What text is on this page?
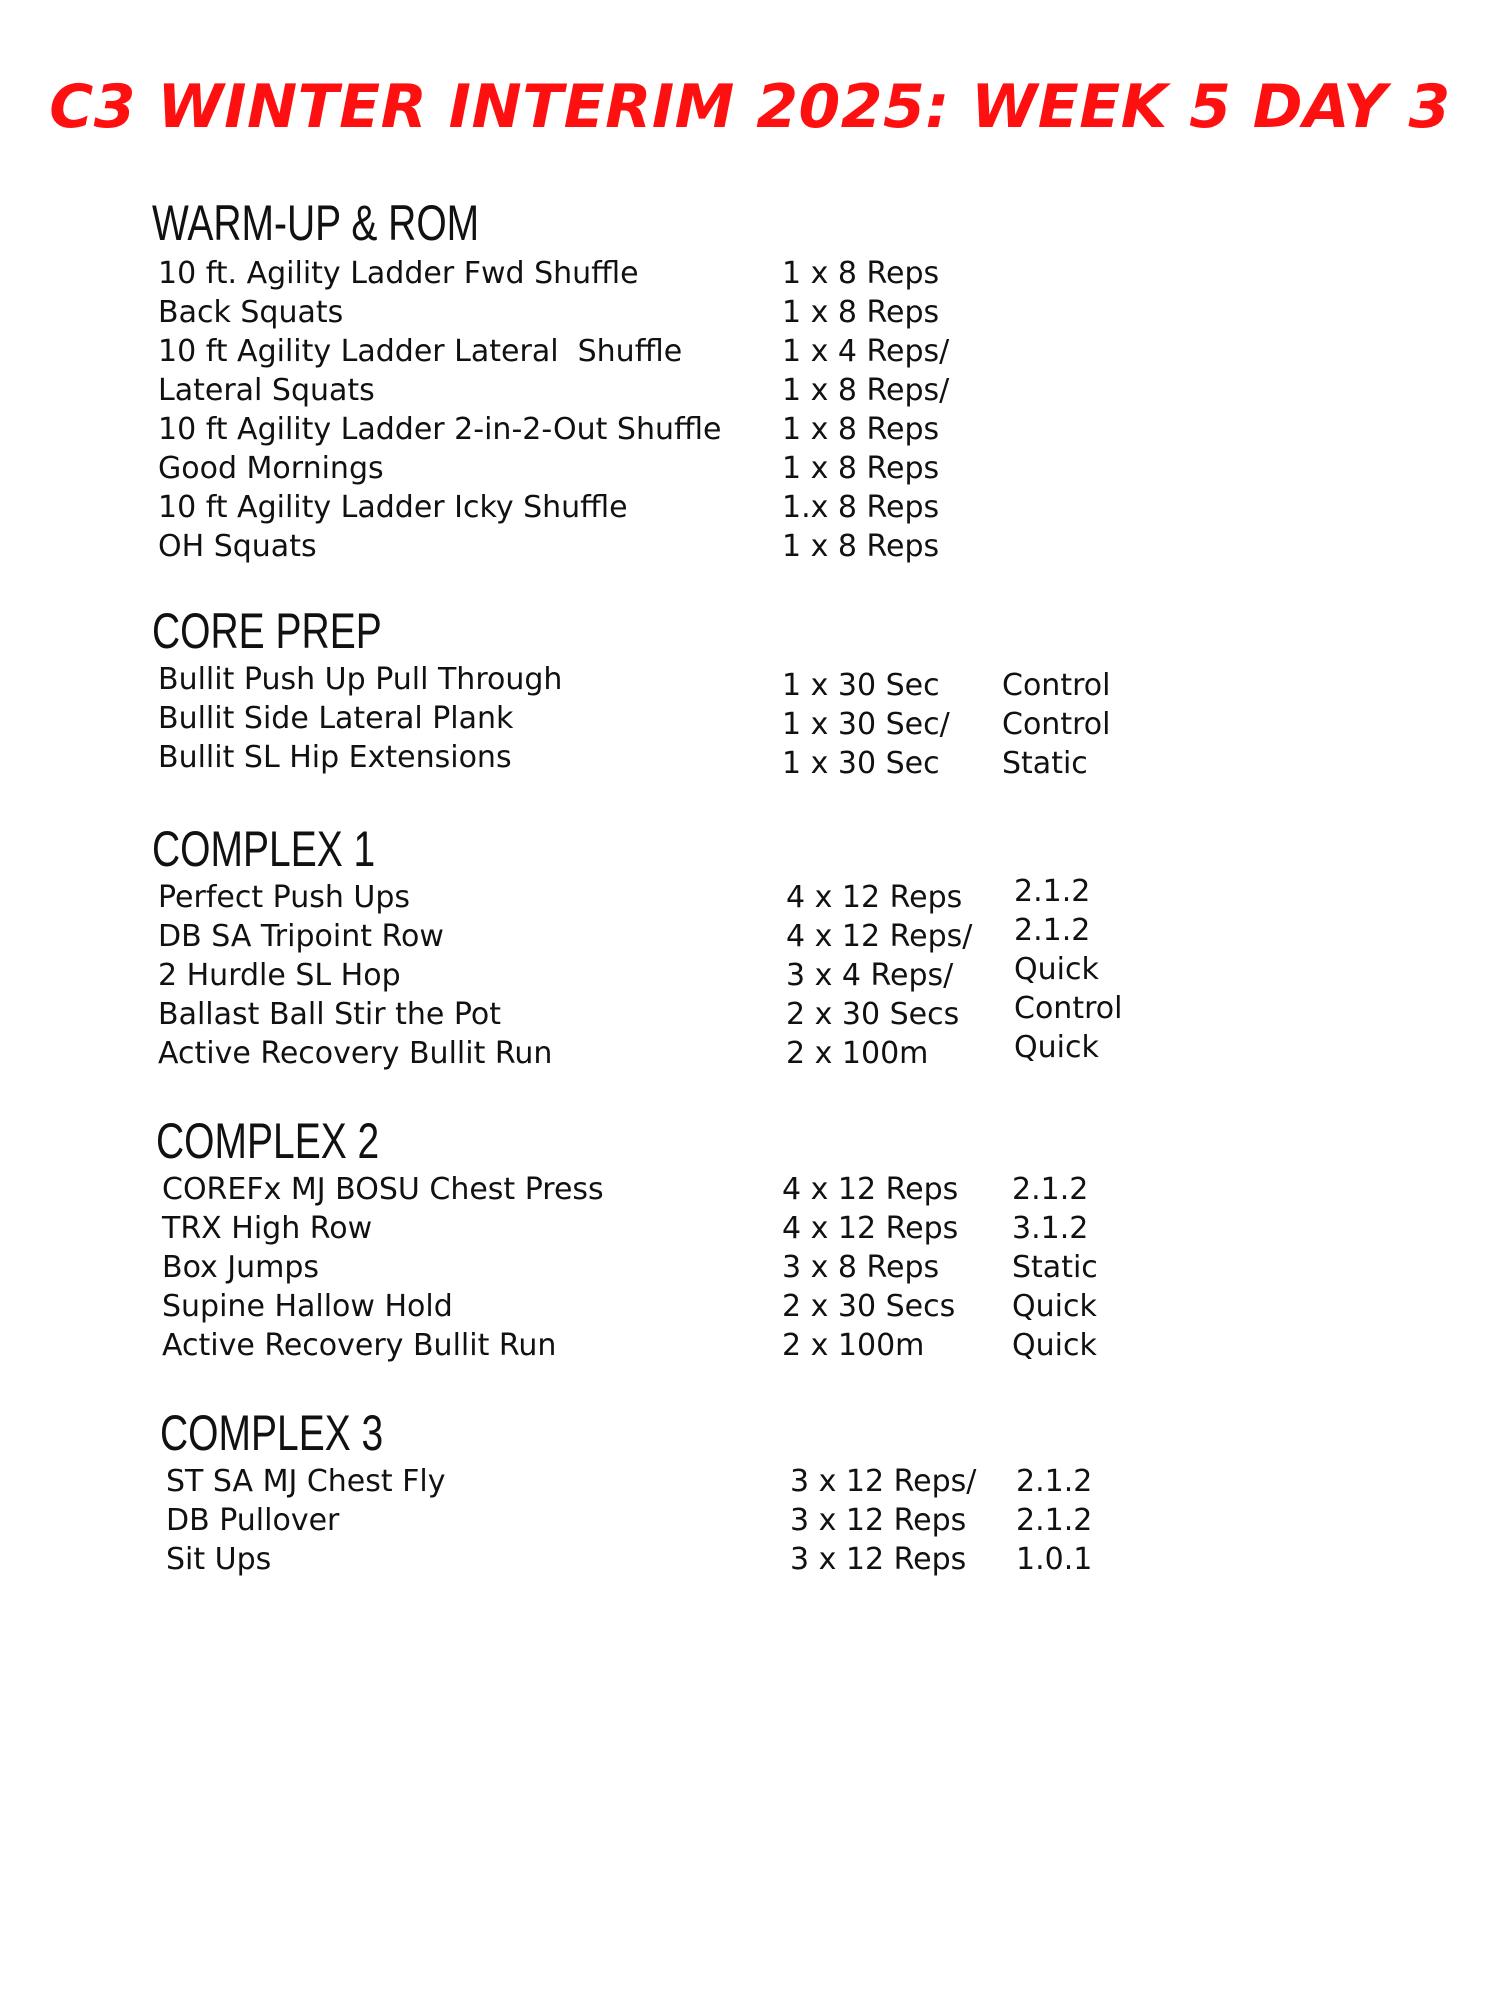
C3 WINTER INTERIM 2025: WEEK 5 DAY 3
WARM-UP & ROM
10 ft. Agility Ladder Fwd Shuffle	1 x 8 Reps
Back Squats	1 x 8 Reps
10 ft Agility Ladder Lateral  Shuffle	1 x 4 Reps/
Lateral Squats	1 x 8 Reps/
10 ft Agility Ladder 2-in-2-Out Shuffle 1 x 8 Reps
Good Mornings	1 x 8 Reps
10 ft Agility Ladder Icky Shuffle	1.x 8 Reps
OH Squats	1 x 8 Reps
CORE PREP
Bullit Push Up Pull Through	1 x 30 Sec Control
Bullit Side Lateral Plank	1 x 30 Sec/ Control
Bullit SL Hip Extensions	1 x 30 Sec Static
COMPLEX 1
Perfect Push Ups	4 x 12 Reps 2.1.2
DB SA Tripoint Row	4 x 12 Reps/ 2.1.2
2 Hurdle SL Hop	3 x 4 Reps/ Quick
Ballast Ball Stir the Pot	2 x 30 Secs Control
Active Recovery Bullit Run	2 x 100m	Quick
COMPLEX 2
COREFx MJ BOSU Chest Press	4 x 12 Reps 2.1.2
TRX High Row	4 x 12 Reps 3.1.2
Box Jumps	3 x 8 Reps Static
Supine Hallow Hold	2 x 30 Secs Quick
Active Recovery Bullit Run	2 x 100m	Quick
COMPLEX 3
ST SA MJ Chest Fly	3 x 12 Reps/ 2.1.2
DB Pullover	3 x 12 Reps 2.1.2
Sit Ups	3 x 12 Reps 1.0.1
